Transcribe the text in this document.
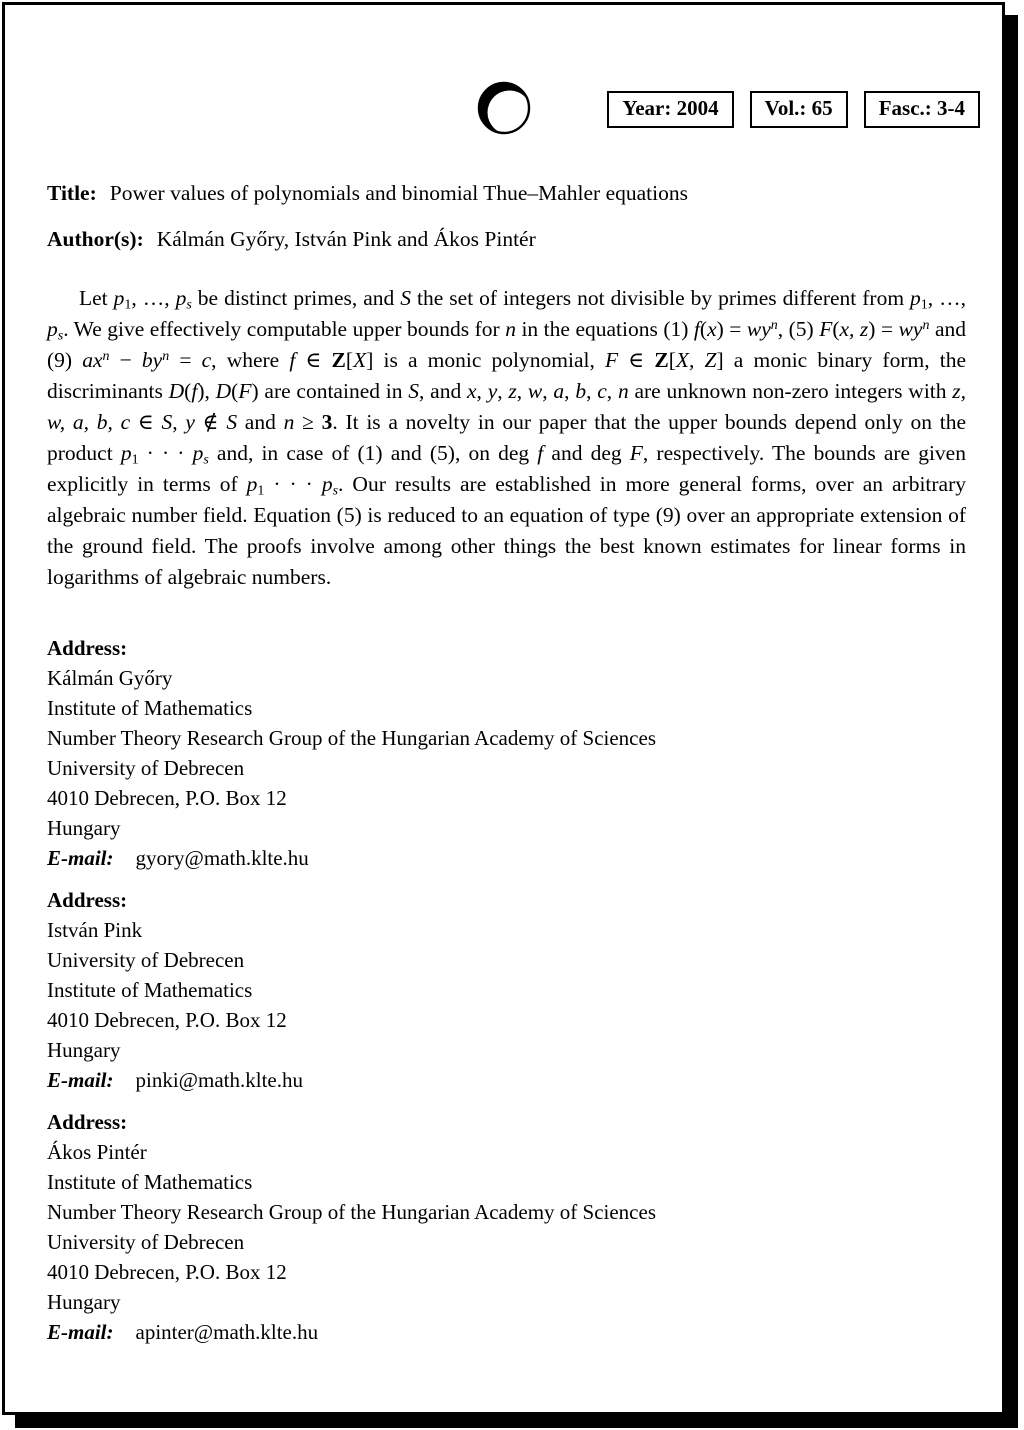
Year: 2004	Vol.: 65	Fasc.: 3-4
Title: Power values of polynomials and binomial Thue–Mahler equations
Author(s): Kálmán Győry, István Pink and Ákos Pintér
Let $p_1$, …, $p_s$ be distinct primes, and S the set of integers not divisible by primes different from $p_1$, …, $p_s$. We give effectively computable upper bounds for n in the equations (1) $f(x) = wy^n$, (5) F(x, $z) = wy^n$ and (9) $ax^n - by^n = c$, where f ∈ Z[X] is a monic polynomial, F ∈ Z[X, Z] a monic binary form, the discriminants D(f), D(F) are contained in S, and x, y, z, w, a, b, c, n are unknown non-zero integers with z, w, a, b, c ∈ S, y ∉ S and n ≥ 3. It is a novelty in our paper that the upper bounds depend only on the product $p_1$ · · · $p_s$ and, in case of (1) and (5), on deg f and deg F, respectively. The bounds are given explicitly in terms of $p_1$ · · · $p_s$. Our results are established in more general forms, over an arbitrary algebraic number field. Equation (5) is reduced to an equation of type (9) over an appropriate extension of the ground field. The proofs involve among other things the best known estimates for linear forms in logarithms of algebraic numbers.
Address:
Kálmán Győry
Institute of Mathematics
Number Theory Research Group of the Hungarian Academy of Sciences
University of Debrecen
4010 Debrecen, P.O. Box 12
Hungary
E-mail: gyory@math.klte.hu
Address:
István Pink
University of Debrecen
Institute of Mathematics
4010 Debrecen, P.O. Box 12
Hungary
E-mail: pinki@math.klte.hu
Address:
Ákos Pintér
Institute of Mathematics
Number Theory Research Group of the Hungarian Academy of Sciences
University of Debrecen
4010 Debrecen, P.O. Box 12
Hungary
E-mail: apinter@math.klte.hu
